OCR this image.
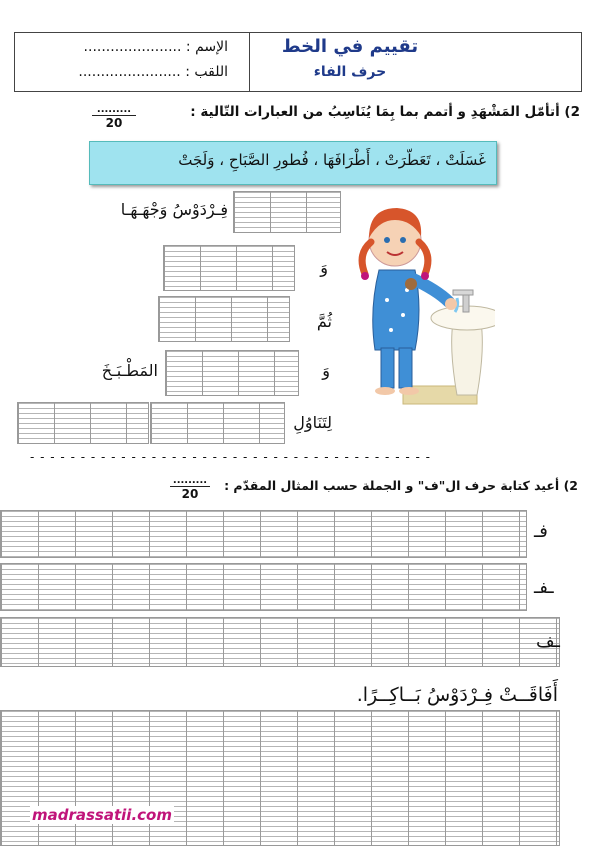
الإسم : ......................
اللقب : .......................
تقييم في الخط
حرف الفاء
2) أتأمّل المَشْهَدِ و أتمم بما بِمَا يُنَاسِبُ من العبارات التّالية :
.........
20
غَسَلَتْ ، تَعَطّرَتْ ، أَطْرَافَهَا ، فُطورِ الصَّبَاحِ ، وَلَجَتْ
فِـرْدَوْسُ وَجْهَـهَـا
وَ
ثُمَّ
وَ
المَطْـبَـخَ
لِتَنَاوُلِ
- - - - - - - - - - - - - - - - - - - - - - - - - - - - - - - - - - - - - - - -
2) أعيد كتابة حرف ال"ف" و الجملة حسب المثال المقدّم :
.........
20
فـ
ـفـ
ـف
أَفَاقَــتْ فِـرْدَوْسُ بَــاكِــرًا.
madrassatii.com
